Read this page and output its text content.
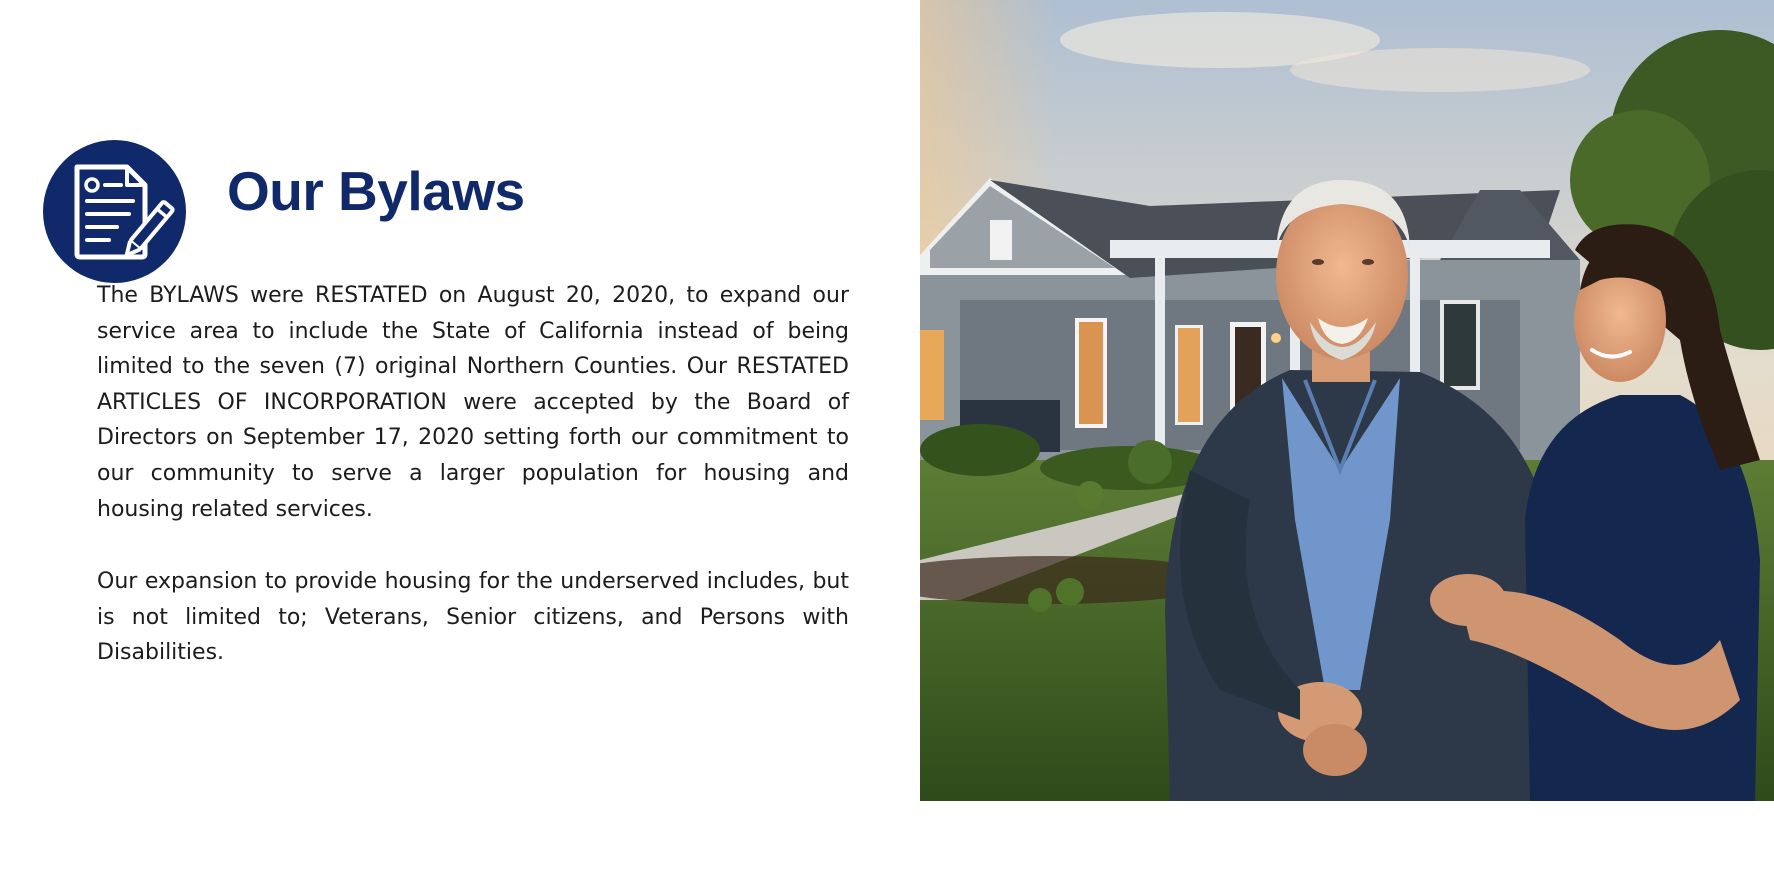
Our Bylaws

The BYLAWS were RESTATED on August 20, 2020, to expand our service area to include the State of California instead of being limited to the seven (7) original Northern Counties. Our RESTATED ARTICLES OF INCORPORATION were accepted by the Board of Directors on September 17, 2020 setting forth our commitment to our community to serve a larger population for housing and housing related services.

Our expansion to provide housing for the underserved includes, but is not limited to; Veterans, Senior citizens, and Persons with Disabilities.
